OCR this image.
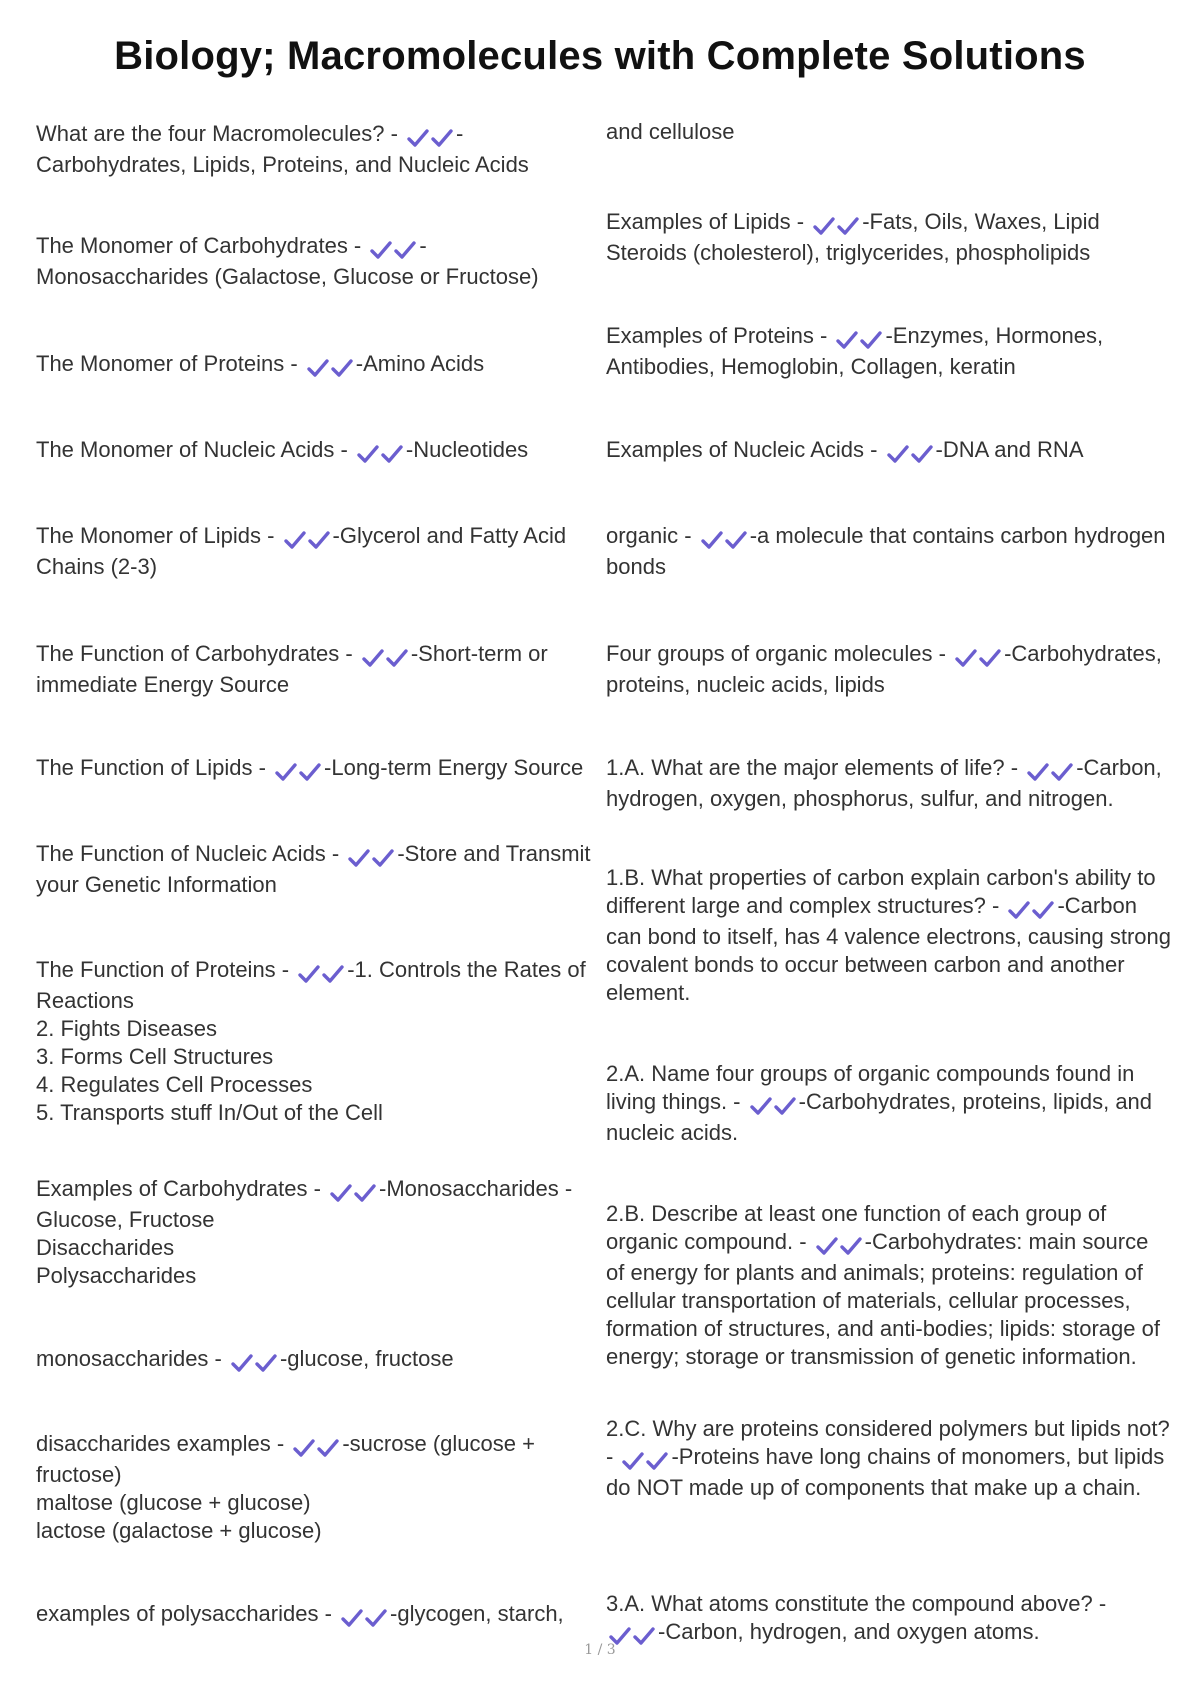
Biology; Macromolecules with Complete Solutions
What are the four Macromolecules? - -
Carbohydrates, Lipids, Proteins, and Nucleic Acids
The Monomer of Carbohydrates - -
Monosaccharides (Galactose, Glucose or Fructose)
The Monomer of Proteins - -Amino Acids
The Monomer of Nucleic Acids - -Nucleotides
The Monomer of Lipids - -Glycerol and Fatty Acid
Chains (2-3)
The Function of Carbohydrates - -Short-term or
immediate Energy Source
The Function of Lipids - -Long-term Energy Source
The Function of Nucleic Acids - -Store and Transmit
your Genetic Information
The Function of Proteins - -1. Controls the Rates of
Reactions
2. Fights Diseases
3. Forms Cell Structures
4. Regulates Cell Processes
5. Transports stuff In/Out of the Cell
Examples of Carbohydrates - -Monosaccharides -
Glucose, Fructose
Disaccharides
Polysaccharides
monosaccharides - -glucose, fructose
disaccharides examples - -sucrose (glucose +
fructose)
maltose (glucose + glucose)
lactose (galactose + glucose)
examples of polysaccharides - -glycogen, starch,
and cellulose
Examples of Lipids - -Fats, Oils, Waxes, Lipid
Steroids (cholesterol), triglycerides, phospholipids
Examples of Proteins - -Enzymes, Hormones,
Antibodies, Hemoglobin, Collagen, keratin
Examples of Nucleic Acids - -DNA and RNA
organic - -a molecule that contains carbon hydrogen
bonds
Four groups of organic molecules - -Carbohydrates,
proteins, nucleic acids, lipids
1.A. What are the major elements of life? - -Carbon,
hydrogen, oxygen, phosphorus, sulfur, and nitrogen.
1.B. What properties of carbon explain carbon's ability to
different large and complex structures? - -Carbon
can bond to itself, has 4 valence electrons, causing strong
covalent bonds to occur between carbon and another
element.
2.A. Name four groups of organic compounds found in
living things. - -Carbohydrates, proteins, lipids, and
nucleic acids.
2.B. Describe at least one function of each group of
organic compound. - -Carbohydrates: main source
of energy for plants and animals; proteins: regulation of
cellular transportation of materials, cellular processes,
formation of structures, and anti-bodies; lipids: storage of
energy; storage or transmission of genetic information.
2.C. Why are proteins considered polymers but lipids not?
- -Proteins have long chains of monomers, but lipids
do NOT made up of components that make up a chain.
3.A. What atoms constitute the compound above? -
-Carbon, hydrogen, and oxygen atoms.
1 / 3
